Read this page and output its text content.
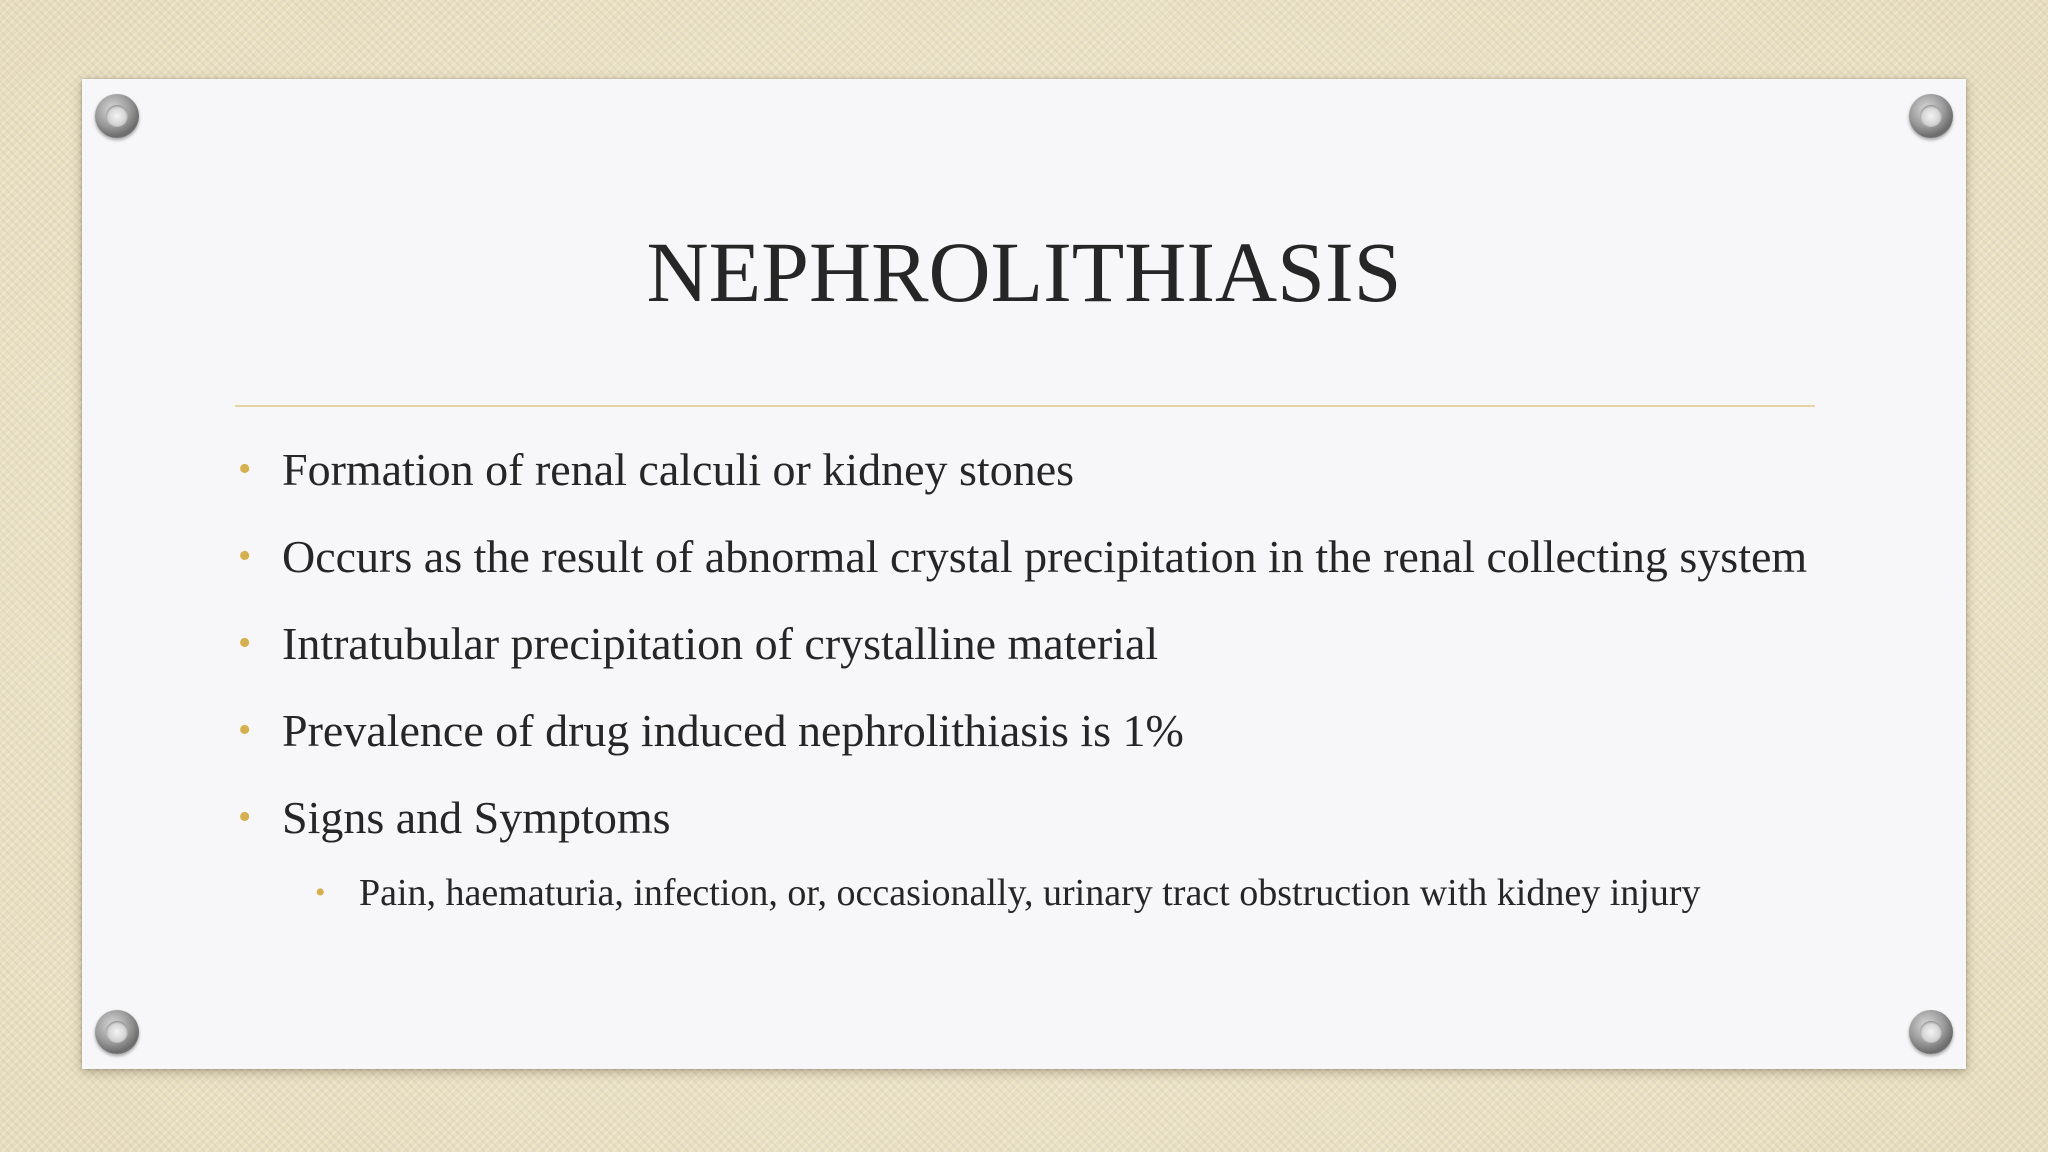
NEPHROLITHIASIS
• Formation of renal calculi or kidney stones
• Occurs as the result of abnormal crystal precipitation in the renal collecting system
• Intratubular precipitation of crystalline material
• Prevalence of drug induced nephrolithiasis is 1%
• Signs and Symptoms
• Pain, haematuria, infection, or, occasionally, urinary tract obstruction with kidney injury
